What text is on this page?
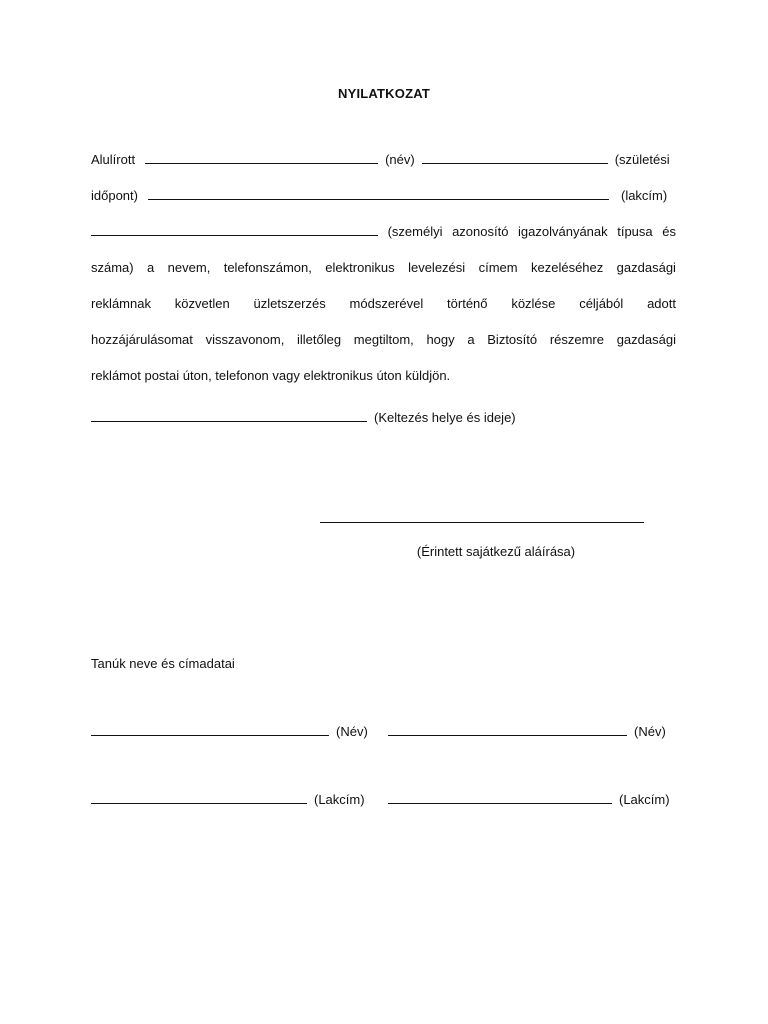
NYILATKOZAT
Alulírott	(név)	(születési
időpont)	(lakcím)
(személyi azonosító igazolványának típusa és
száma) a nevem, telefonszámon, elektronikus levelezési címem kezeléséhez gazdasági
reklámnak közvetlen üzletszerzés módszerével történő közlése céljából adott
hozzájárulásomat visszavonom, illetőleg megtiltom, hogy a Biztosító részemre gazdasági
reklámot postai úton, telefonon vagy elektronikus úton küldjön.
(Keltezés helye és ideje)
(Érintett sajátkezű aláírása)
Tanúk neve és címadatai
(Név)	(Név)
(Lakcím)	(Lakcím)
